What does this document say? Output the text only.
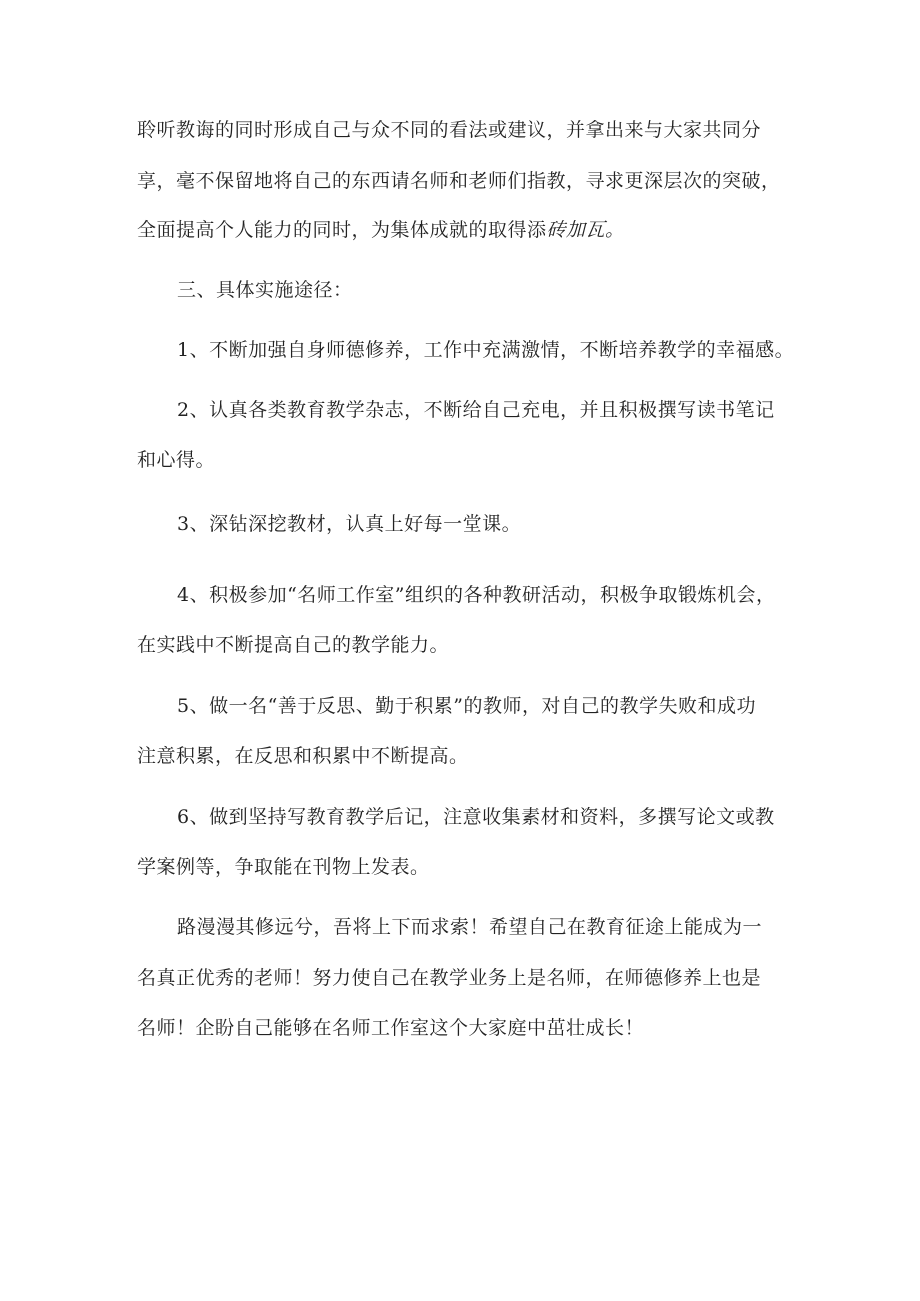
聆听教诲的同时形成自己与众不同的看法或建议，并拿出来与大家共同分
享，毫不保留地将自己的东西请名师和老师们指教，寻求更深层次的突破，
全面提高个人能力的同时，为集体成就的取得添砖加瓦。
三、具体实施途径：
1、不断加强自身师德修养，工作中充满激情，不断培养教学的幸福感。
2、认真各类教育教学杂志，不断给自己充电，并且积极撰写读书笔记
和心得。
3、深钻深挖教材，认真上好每一堂课。
4、积极参加“名师工作室”组织的各种教研活动，积极争取锻炼机会，
在实践中不断提高自己的教学能力。
5、做一名“善于反思、勤于积累”的教师，对自己的教学失败和成功
注意积累，在反思和积累中不断提高。
6、做到坚持写教育教学后记，注意收集素材和资料，多撰写论文或教
学案例等，争取能在刊物上发表。
路漫漫其修远兮，吾将上下而求索！希望自己在教育征途上能成为一
名真正优秀的老师！努力使自己在教学业务上是名师，在师德修养上也是
名师！企盼自己能够在名师工作室这个大家庭中茁壮成长！
